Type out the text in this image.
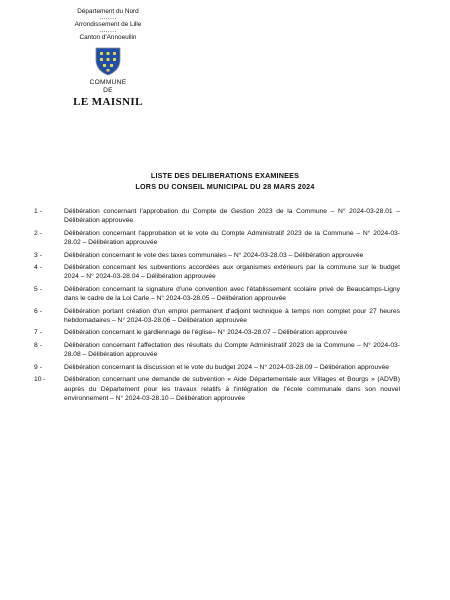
Département du Nord
........
Arrondissement de Lille
........
Canton d'Annoeullin
COMMUNE
DE
LE MAISNIL
LISTE DES DELIBERATIONS EXAMINEES
LORS DU CONSEIL MUNICIPAL DU 28 MARS 2024
1 -	Délibération concernant l'approbation du Compte de Gestion 2023 de la Commune – N° 2024-03-28.01 – Délibération approuvée
2 -	Délibération concernant l'approbation et le vote du Compte Administratif 2023 de la Commune – N° 2024-03-28.02 – Délibération approuvée
3 -	Délibération concernant le vote des taxes communales – N° 2024-03-28.03 – Délibération approuvée
4 -	Délibération concernant les subventions accordées aux organismes extérieurs par la commune sur le budget 2024 – N° 2024-03-28.04 – Délibération approuvée
5 -	Délibération concernant la signature d'une convention avec l'établissement scolaire privé de Beaucamps-Ligny dans le cadre de la Loi Carle – N° 2024-03-28.05 – Délibération approuvée
6 -	Délibération portant création d'un emploi permanent d'adjoint technique à temps non complet pour 27 heures hebdomadaires – N° 2024-03-28.06 – Délibération approuvée
7 -	Délibération concernant le gardiennage de l'église– N° 2024-03-28.07 – Délibération approuvée
8 -	Délibération concernant l'affectation des résultats du Compte Administratif 2023 de la Commune – N° 2024-03-28.08 – Délibération approuvée
9 -	Délibération concernant la discussion et le vote du budget 2024 – N° 2024-03-28.09 – Délibération approuvée
10 -	Délibération concernant une demande de subvention « Aide Départementale aux Villages et Bourgs » (ADVB) auprès du Département pour les travaux relatifs à l'intégration de l'école communale dans son nouvel environnement – N° 2024-03-28.10 – Délibération approuvée
